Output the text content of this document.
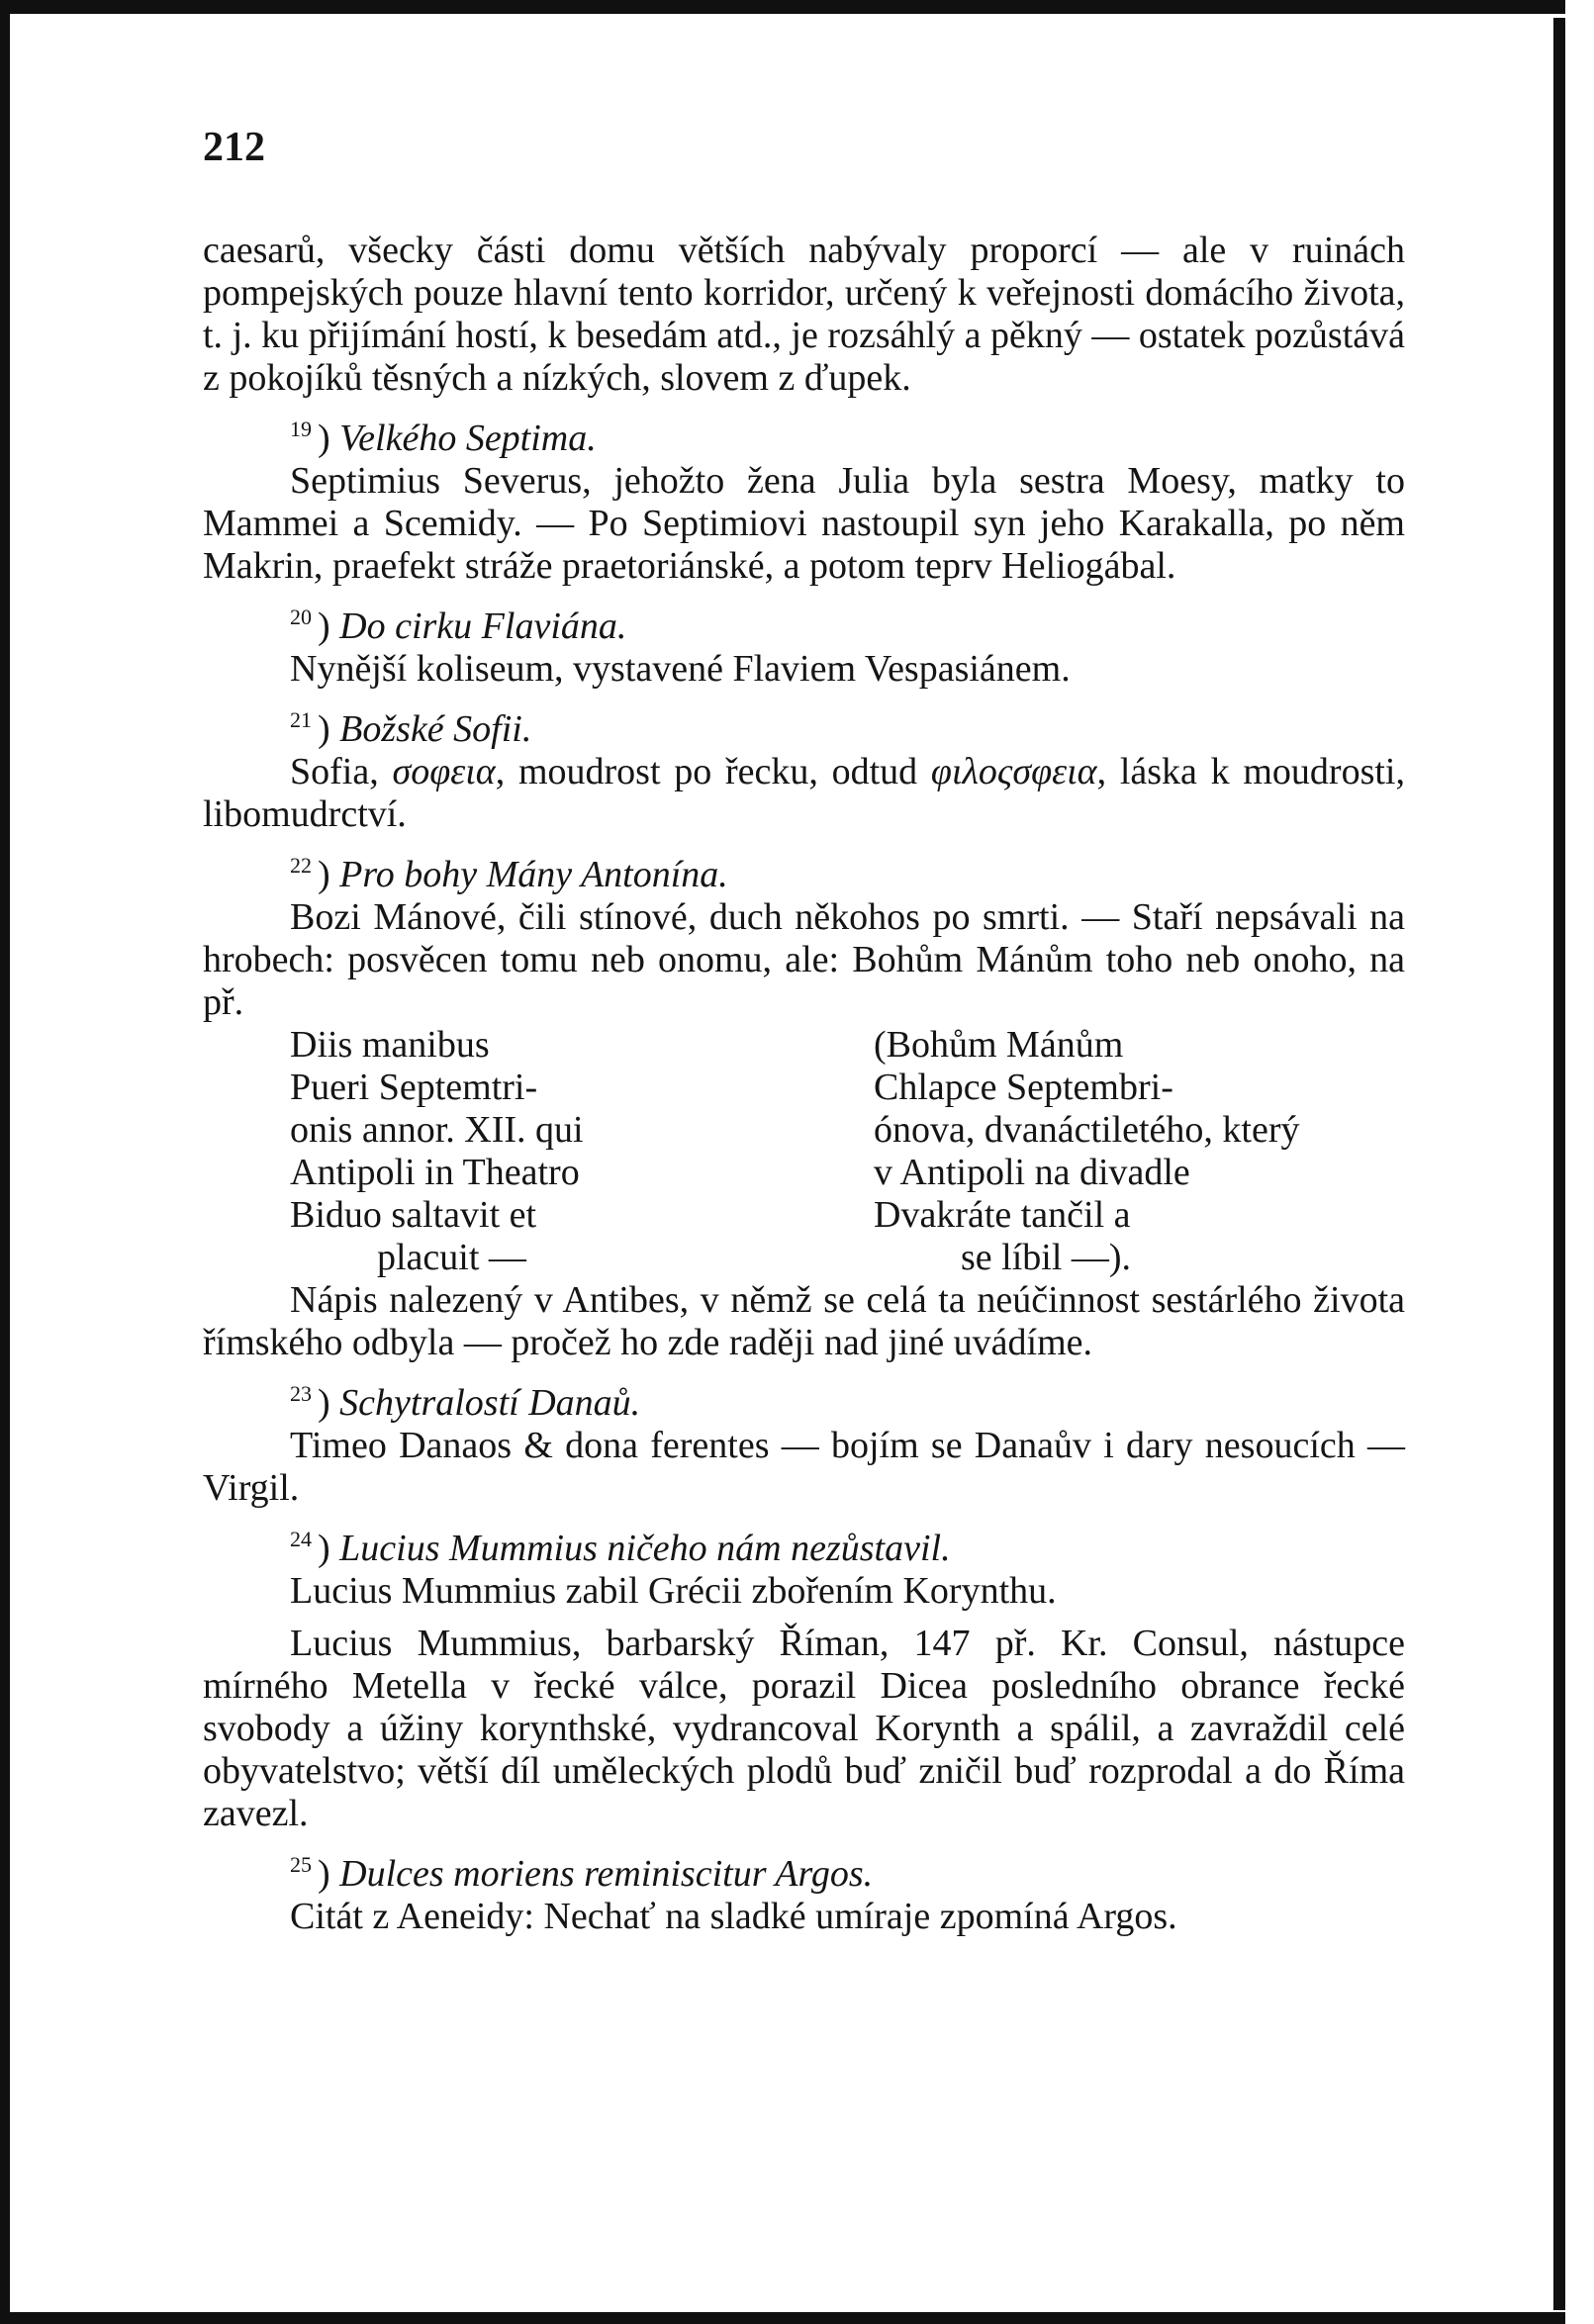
212

caesarů, všecky části domu větších nabývaly proporcí — ale v ruinách pompejských pouze hlavní tento korridor, určený k veřejnosti domácího života, t. j. ku přijímání hostí, k besedám atd., je rozsáhlý a pěkný — ostatek pozůstává z pokojíků těsných a nízkých, slovem z ďupek.

$^{19}$ ) Velkého Septima.

Septimius Severus, jehožto žena Julia byla sestra Moesy, matky to Mammei a Scemidy. — Po Septimiovi nastoupil syn jeho Karakalla, po něm Makrin, praefekt stráže praetoriánské, a potom teprv Heliogábal.

$^{20}$ ) Do cirku Flaviána.

Nynější koliseum, vystavené Flaviem Vespasiánem.

$^{21}$ ) Božské Sofii.

Sofia, σοφεια, moudrost po řecku, odtud φιλοςσφεια, láska k moudrosti, libomudrctví.

$^{22}$ ) Pro bohy Mány Antonína.

Bozi Mánové, čili stínové, duch někohos po smrti. — Staří nepsávali na hrobech: posvěcen tomu neb onomu, ale: Bohům Mánům toho neb onoho, na př.

Diis manibus	(Bohům Mánům
Pueri Septemtri-	Chlapce Septembri-
onis annor. XII. qui	ónova, dvanáctiletého, který
Antipoli in Theatro	v Antipoli na divadle
Biduo saltavit et	Dvakráte tančil a
placuit —	se líbil —).

Nápis nalezený v Antibes, v němž se celá ta neúčinnost sestárlého života římského odbyla — pročež ho zde raději nad jiné uvádíme.

$^{23}$ ) Schytralostí Danaů.

Timeo Danaos & dona ferentes — bojím se Danaův i dary nesoucích — Virgil.

$^{24}$ ) Lucius Mummius ničeho nám nezůstavil.

Lucius Mummius zabil Grécii zbořením Korynthu.

Lucius Mummius, barbarský Říman, 147 př. Kr. Consul, nástupce mírného Metella v řecké válce, porazil Dicea posledního obrance řecké svobody a úžiny korynthské, vydrancoval Korynth a spálil, a zavraždil celé obyvatelstvo; větší díl uměleckých plodů buď zničil buď rozprodal a do Říma zavezl.

$^{25}$ ) Dulces moriens reminiscitur Argos.

Citát z Aeneidy: Nechať na sladké umíraje zpomíná Argos.
